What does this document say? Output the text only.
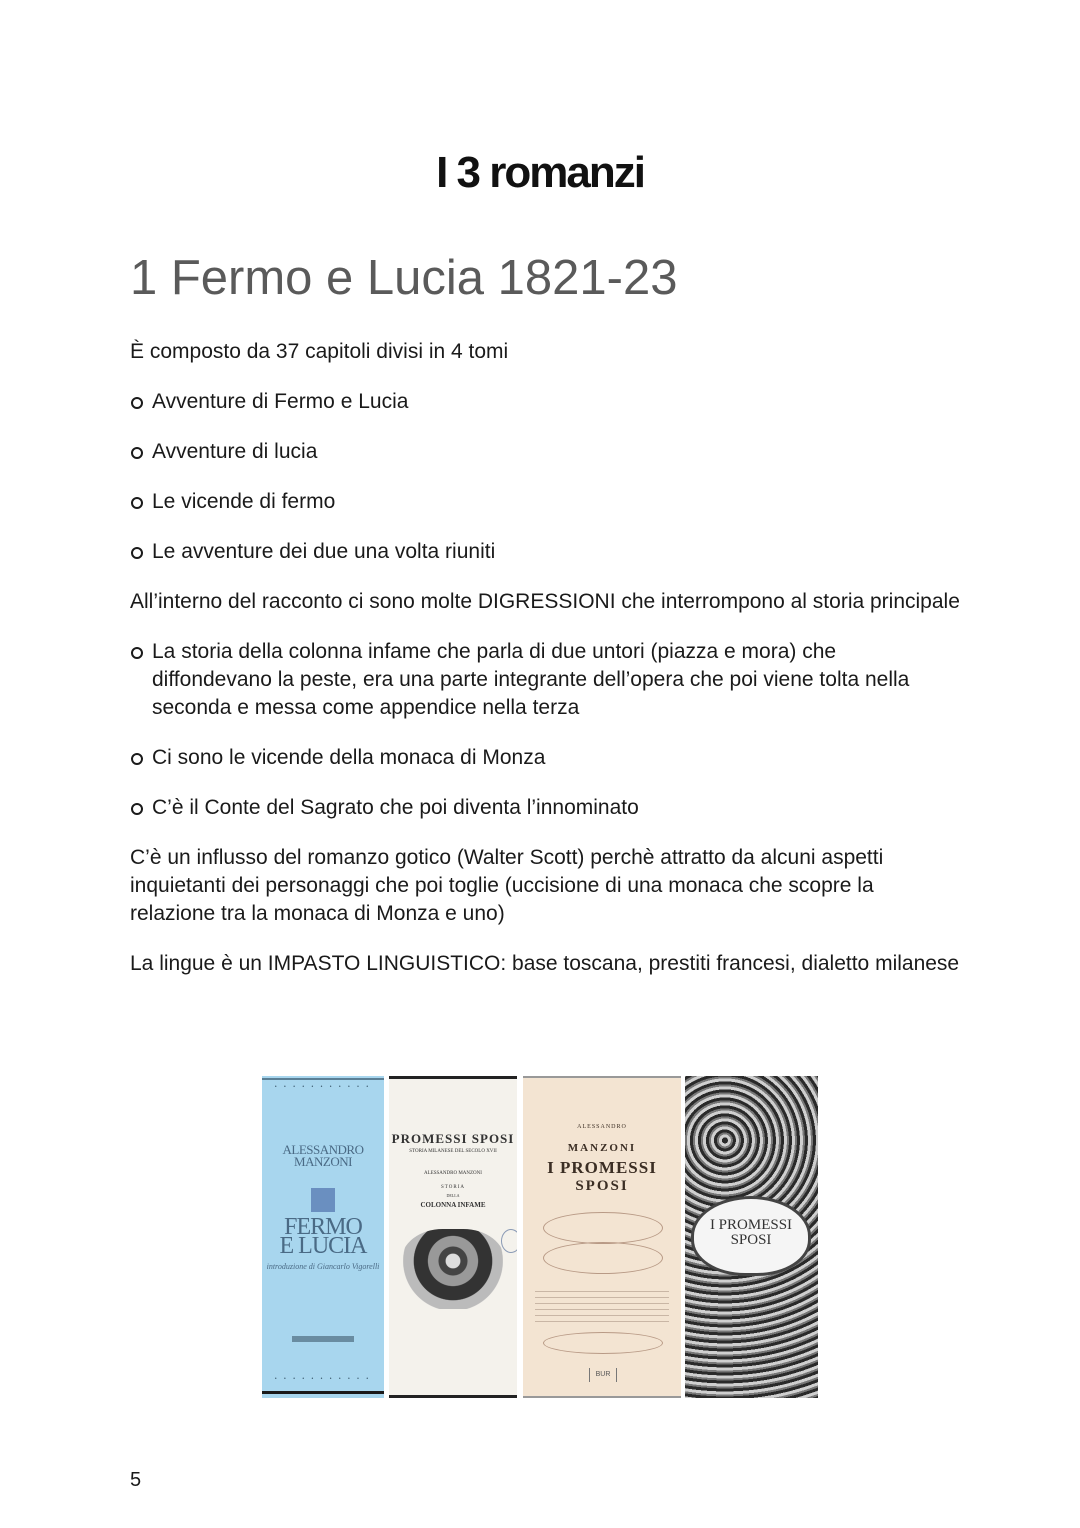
I 3 romanzi
1 Fermo e Lucia 1821-23

È composto da 37 capitoli divisi in 4 tomi

Avventure di Fermo e Lucia
Avventure di lucia
Le vicende di fermo
Le avventure dei due una volta riuniti

All’interno del racconto ci sono molte DIGRESSIONI che interrompono al storia principale

La storia della colonna infame che parla di due untori (piazza e mora) che diffondevano la peste, era una parte integrante dell’opera che poi viene tolta nella seconda e messa come appendice nella terza
Ci sono le vicende della monaca di Monza
C’è il Conte del Sagrato che poi diventa l’innominato

C’è un influsso del romanzo gotico (Walter Scott) perchè attratto da alcuni aspetti inquietanti dei personaggi che poi toglie (uccisione di una monaca che scopre la relazione tra la monaca di Monza e uno)

La lingue è un IMPASTO LINGUISTICO: base toscana, prestiti francesi, dialetto milanese

• • • • • • • • • • •
ALESSANDRO MANZONI
FERMO
E LUCIA
introduzione di Giancarlo Vigorelli
• • • • • • • • • • •
PROMESSI SPOSI
STORIA MILANESE DEL SECOLO XVII
ALESSANDRO MANZONI
STORIA
DELLA
COLONNA INFAME
ALESSANDRO
MANZONI
I PROMESSI
SPOSI
BUR
I PROMESSI
SPOSI
5
